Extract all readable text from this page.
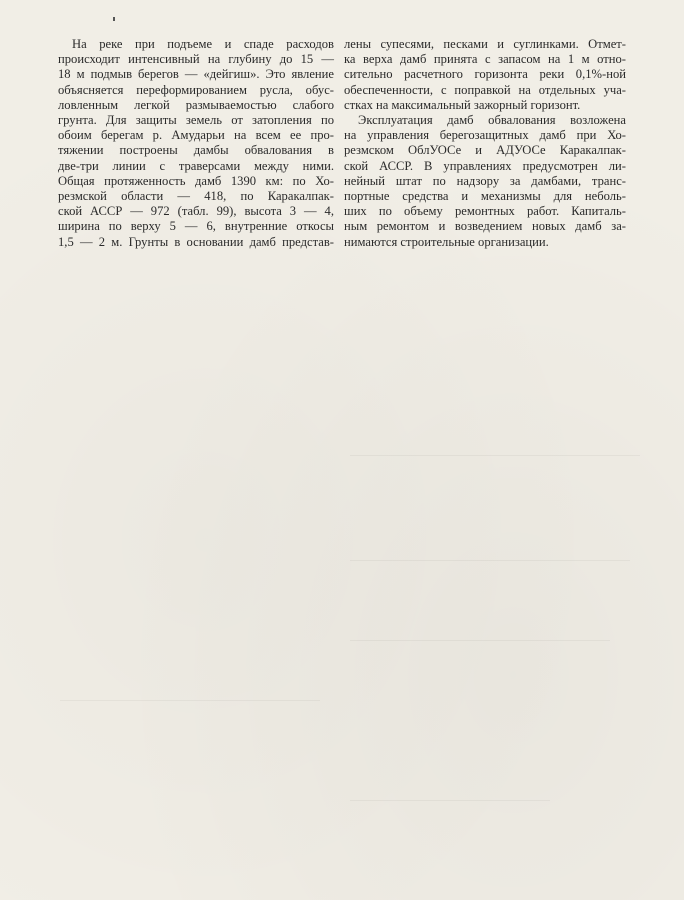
На реке при подъеме и спаде расходов
происходит интенсивный на глубину до 15 —
18 м подмыв берегов — «дейгиш». Это явление
объясняется переформированием русла, обус-
ловленным легкой размываемостью слабого
грунта. Для защиты земель от затопления по
обоим берегам р. Амударьи на всем ее про-
тяжении построены дамбы обвалования в
две-три линии с траверсами между ними.
Общая протяженность дамб 1390 км: по Хо-
резмской области — 418, по Каракалпак-
ской АССР — 972 (табл. 99), высота 3 — 4,
ширина по верху 5 — 6, внутренние откосы
1,5 — 2 м. Грунты в основании дамб представ-
лены супесями, песками и суглинками. Отмет-
ка верха дамб принята с запасом на 1 м отно-
сительно расчетного горизонта реки 0,1%-ной
обеспеченности, с поправкой на отдельных уча-
стках на максимальный зажорный горизонт.
Эксплуатация дамб обвалования возложена
на управления берегозащитных дамб при Хо-
резмском ОблУОСе и АДУОСе Каракалпак-
ской АССР. В управлениях предусмотрен ли-
нейный штат по надзору за дамбами, транс-
портные средства и механизмы для неболь-
ших по объему ремонтных работ. Капиталь-
ным ремонтом и возведением новых дамб за-
нимаются строительные организации.
